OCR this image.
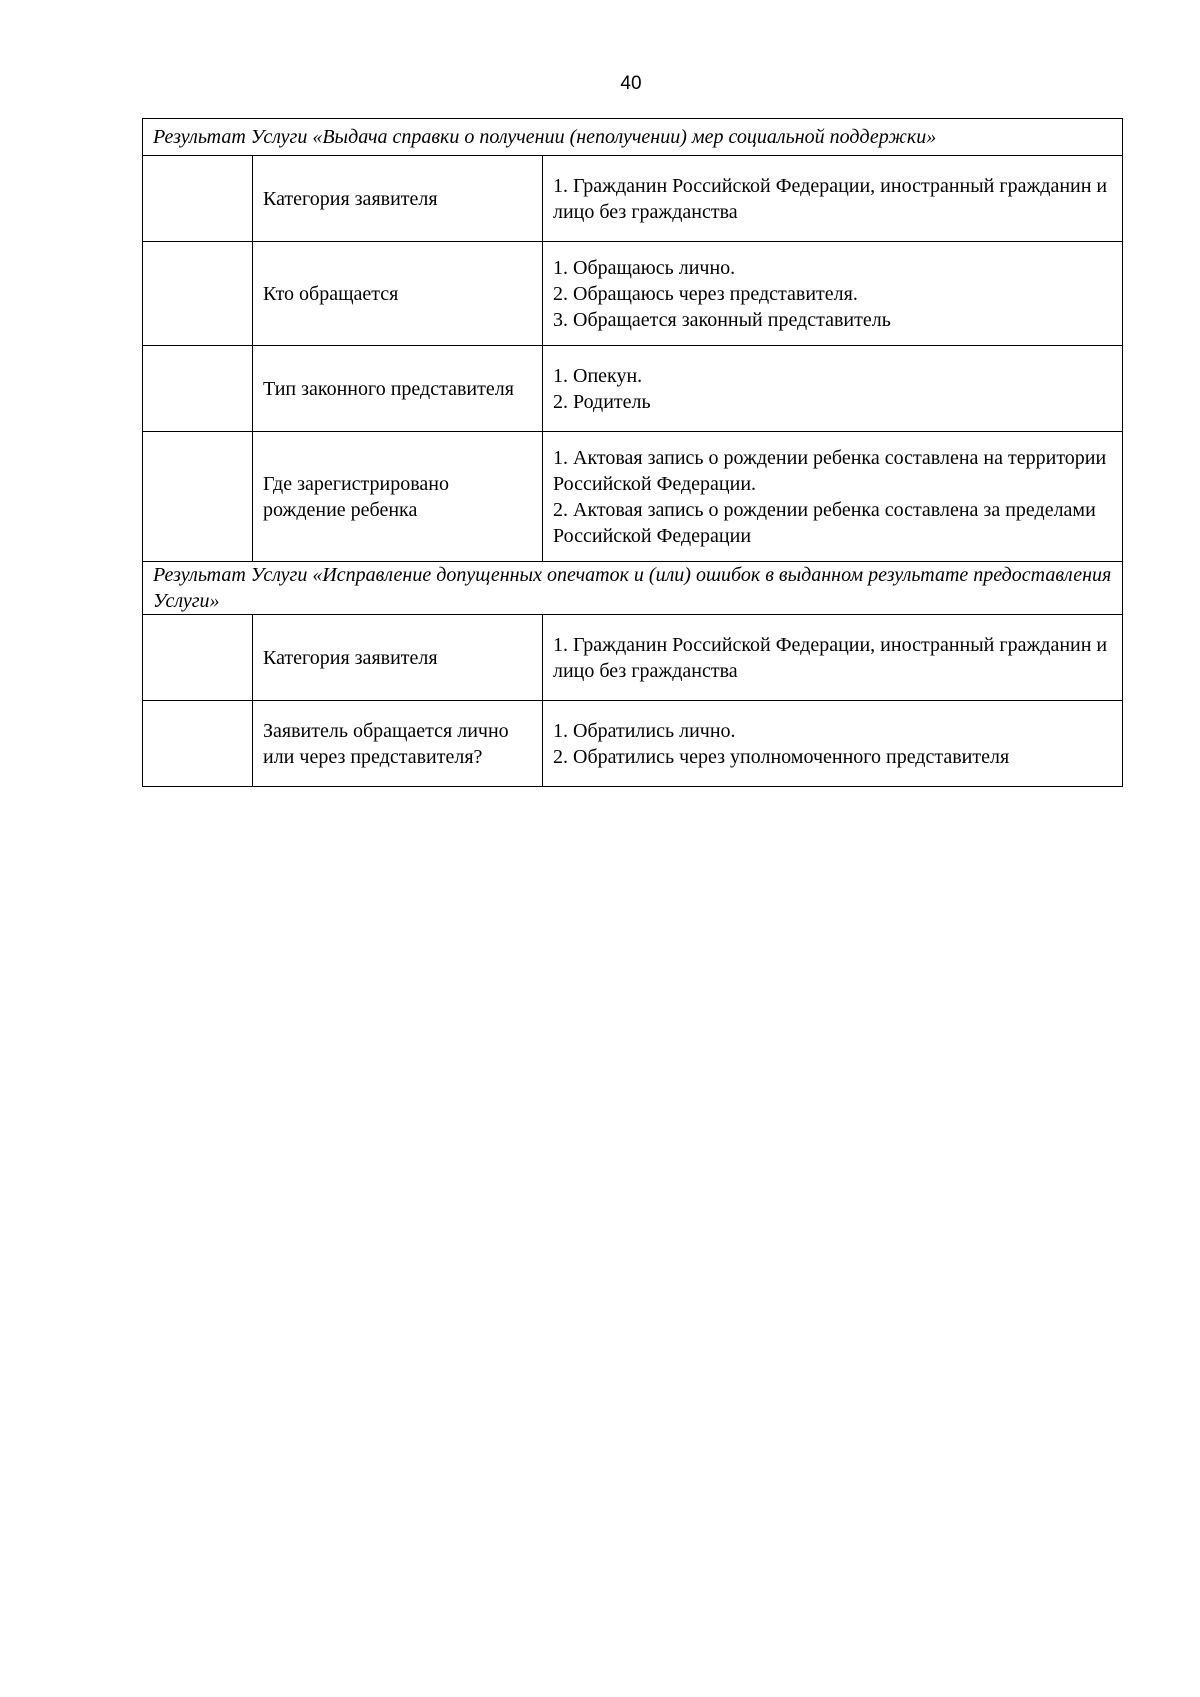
40
Результат Услуги «Выдача справки о получении (неполучении) мер социальной поддержки»		
	Категория заявителя	1. Гражданин Российской Федерации, иностранный гражданин и лицо без гражданства

	Кто обращается	1. Обращаюсь лично.
2. Обращаюсь через представителя.
3. Обращается законный представитель

	Тип законного представителя	1. Опекун.
2. Родитель

	Где зарегистрировано рождение ребенка	1. Актовая запись о рождении ребенка составлена на территории Российской Федерации.
2. Актовая запись о рождении ребенка составлена за пределами Российской Федерации

Результат Услуги «Исправление допущенных опечаток и (или) ошибок в выданном результате предоставления Услуги»		
	Категория заявителя	1. Гражданин Российской Федерации, иностранный гражданин и лицо без гражданства

	Заявитель обращается лично или через представителя?	1. Обратились лично.
2. Обратились через уполномоченного представителя
